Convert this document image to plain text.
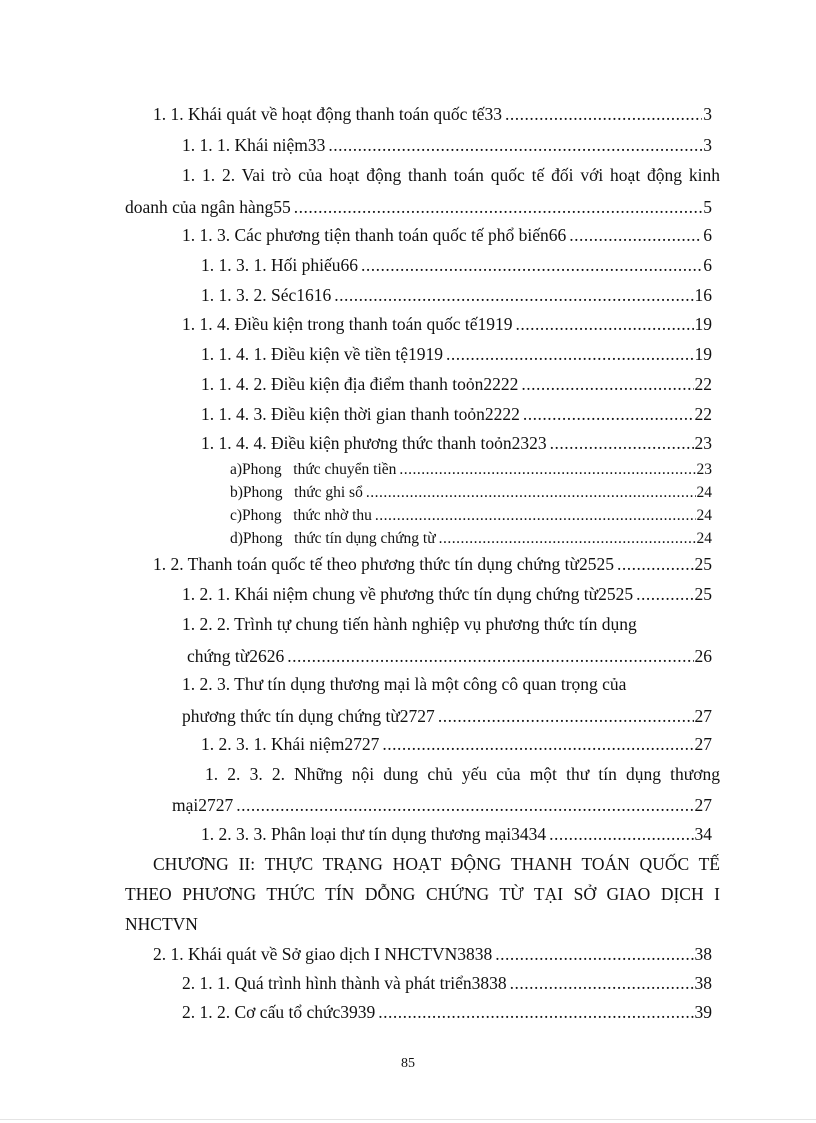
1. 1. Khái quát về hoạt động thanh toán quốc tế33 .....	3
1. 1. 1. Khái niệm33 .....	3
1. 1. 2. Vai trò của hoạt động thanh toán quốc tế đối với hoạt động kinh
doanh của ngân hàng55 .....	5
1. 1. 3. Các phương tiện thanh toán quốc tế phổ biến66 .....	6
1. 1. 3. 1. Hối phiếu66 .....	6
1. 1. 3. 2. Séc1616 .....	16
1. 1. 4. Điều kiện trong thanh toán quốc tế1919 .....	19
1. 1. 4. 1. Điều kiện về tiền tệ1919 .....	19
1. 1. 4. 2. Điều kiện địa điểm thanh toỏn2222 .....	22
1. 1. 4. 3. Điều kiện thời gian thanh toỏn2222 .....	22
1. 1. 4. 4. Điều kiện phương thức thanh toỏn2323 .....	23
a)Phong   thức chuyển tiền .....	23
b)Phong   thức ghi sổ .....	24
c)Phong   thức nhờ thu .....	24
d)Phong   thức tín dụng chứng từ .....	24
1. 2. Thanh toán quốc tế theo phương thức tín dụng chứng từ2525 .....	25
1. 2. 1. Khái niệm chung về phương thức tín dụng chứng từ2525 .....	25
1. 2. 2. Trình tự chung tiến hành nghiệp vụ phương thức tín dụng
chứng từ2626 .....	26
1. 2. 3. Thư tín dụng thương mại là một công cô quan trọng của
phương thức tín dụng chứng từ2727 .....	27
1. 2. 3. 1. Khái niệm2727 .....	27
1. 2. 3. 2. Những nội dung chủ yếu của một thư tín dụng thương
mại2727 .....	27
1. 2. 3. 3. Phân loại thư tín dụng thương mại3434 .....	34
CHƯƠNG II: THỰC TRẠNG HOẠT ĐỘNG THANH TOÁN QUỐC TẾ
THEO PHƯƠNG THỨC TÍN DỖNG CHỨNG TỪ TẠI SỞ GIAO DỊCH I
NHCTVN
2. 1. Khái quát về Sở giao dịch I NHCTVN3838 .....	38
2. 1. 1. Quá trình hình thành và phát triển3838 .....	38
2. 1. 2. Cơ cấu tổ chức3939 .....	39
85
